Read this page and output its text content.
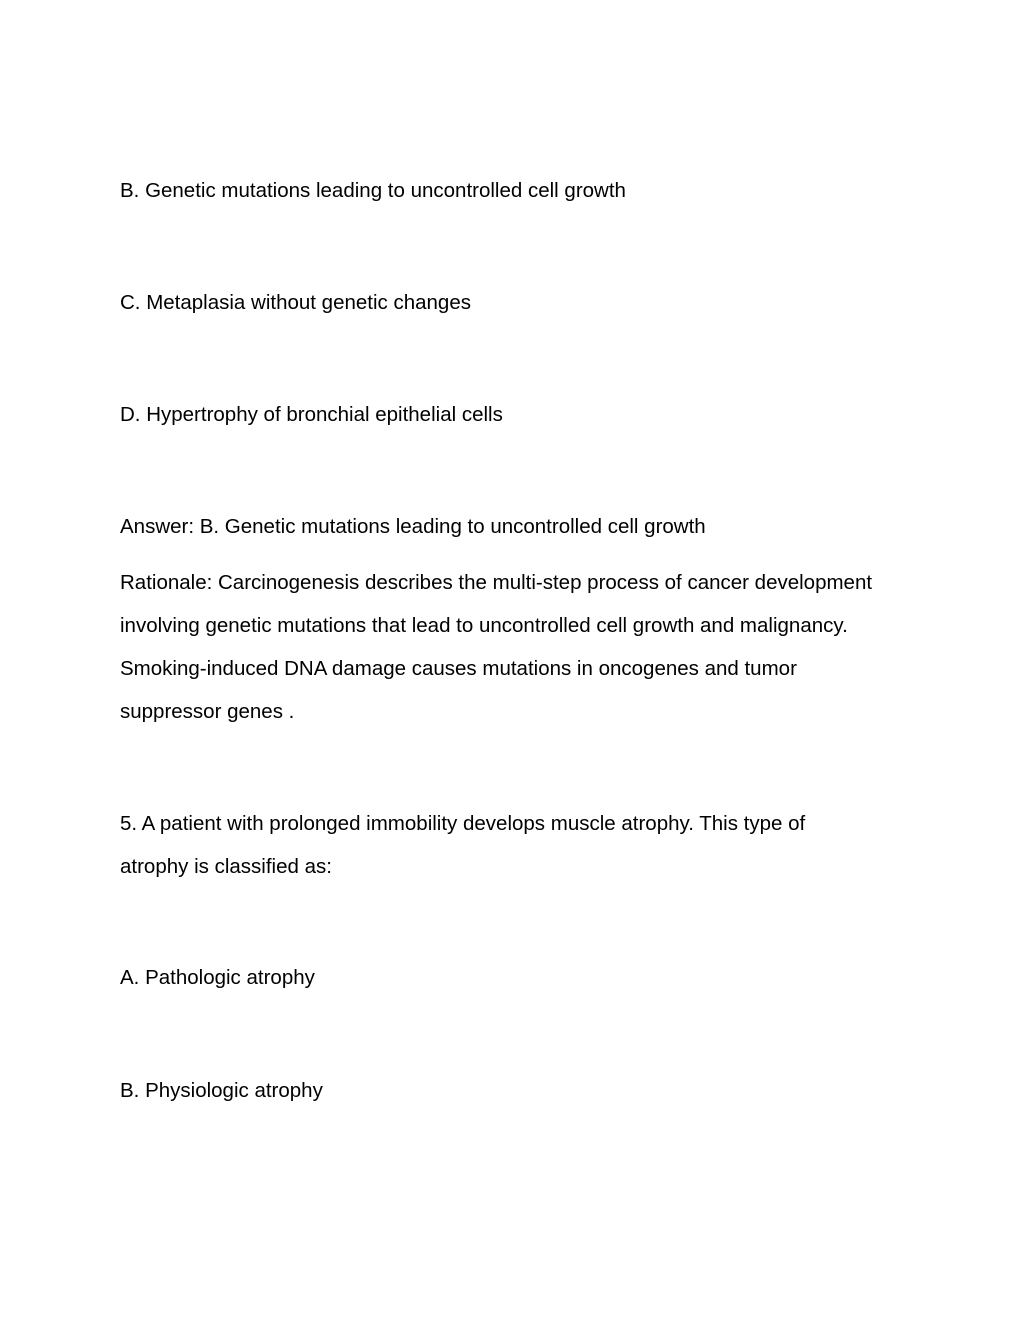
B. Genetic mutations leading to uncontrolled cell growth

C. Metaplasia without genetic changes

D. Hypertrophy of bronchial epithelial cells

Answer: B. Genetic mutations leading to uncontrolled cell growth

Rationale: Carcinogenesis describes the multi-step process of cancer development
involving genetic mutations that lead to uncontrolled cell growth and malignancy.
Smoking-induced DNA damage causes mutations in oncogenes and tumor
suppressor genes .
5. A patient with prolonged immobility develops muscle atrophy. This type of
atrophy is classified as:

A. Pathologic atrophy

B. Physiologic atrophy
